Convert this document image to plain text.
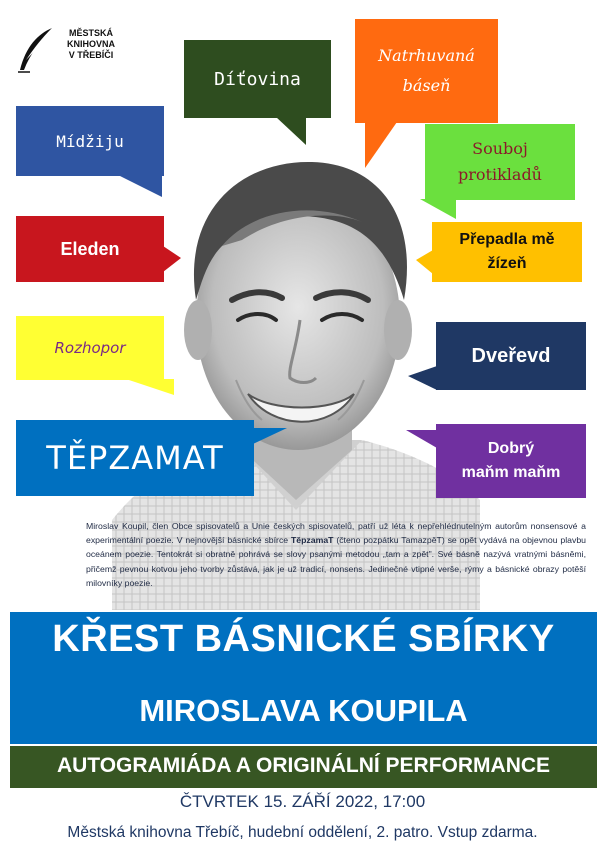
MĚSTSKÁ
KNIHOVNA
V TŘEBÍČI
Mídžiju
Díťovina
Natrhuvaná
báseň
Souboj
protikladů
Eleden	Přepadla mě
žízeň
Rozhopor	Dveřevd
TĚPZAMAT	Dobrý
maňm maňm
Miroslav Koupil, člen Obce spisovatelů a Unie českých spisovatelů, patří už léta k nepřehlédnutelným autorům nonsensové a experimentální poezie. V nejnovější básnické sbírce TěpzamaT (čteno pozpátku TamazpěT) se opět vydává na objevnou plavbu oceánem poezie. Tentokrát si obratně pohrává se slovy psanými metodou „tam a zpět". Své básně nazývá vratnými básněmi, přičemž pevnou kotvou jeho tvorby zůstává, jak je už tradicí, nonsens. Jedinečné vtipné verše, rýmy a básnické obrazy potěší milovníky poezie.
KŘEST BÁSNICKÉ SBÍRKY
MIROSLAVA KOUPILA
AUTOGRAMIÁDA A ORIGINÁLNÍ PERFORMANCE
ČTVRTEK 15. ZÁŘÍ 2022, 17:00
Městská knihovna Třebíč, hudební oddělení, 2. patro. Vstup zdarma.
